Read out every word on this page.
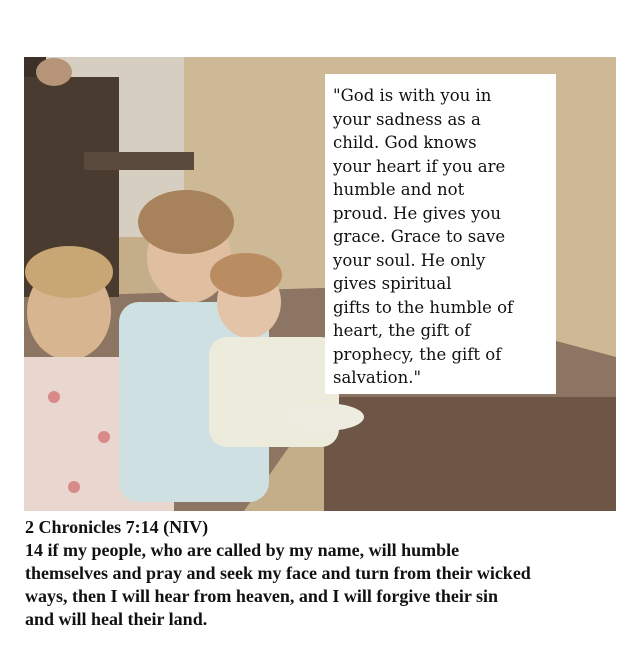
"God is with you in
your sadness as a
child. God knows
your heart if you are
humble and not
proud. He gives you
grace. Grace to save
your soul. He only
gives spiritual
gifts to the humble of
heart, the gift of
prophecy, the gift of
salvation."
2 Chronicles 7:14 (NIV)
14 if my people, who are called by my name, will humble
themselves and pray and seek my face and turn from their wicked
ways, then I will hear from heaven, and I will forgive their sin
and will heal their land.
